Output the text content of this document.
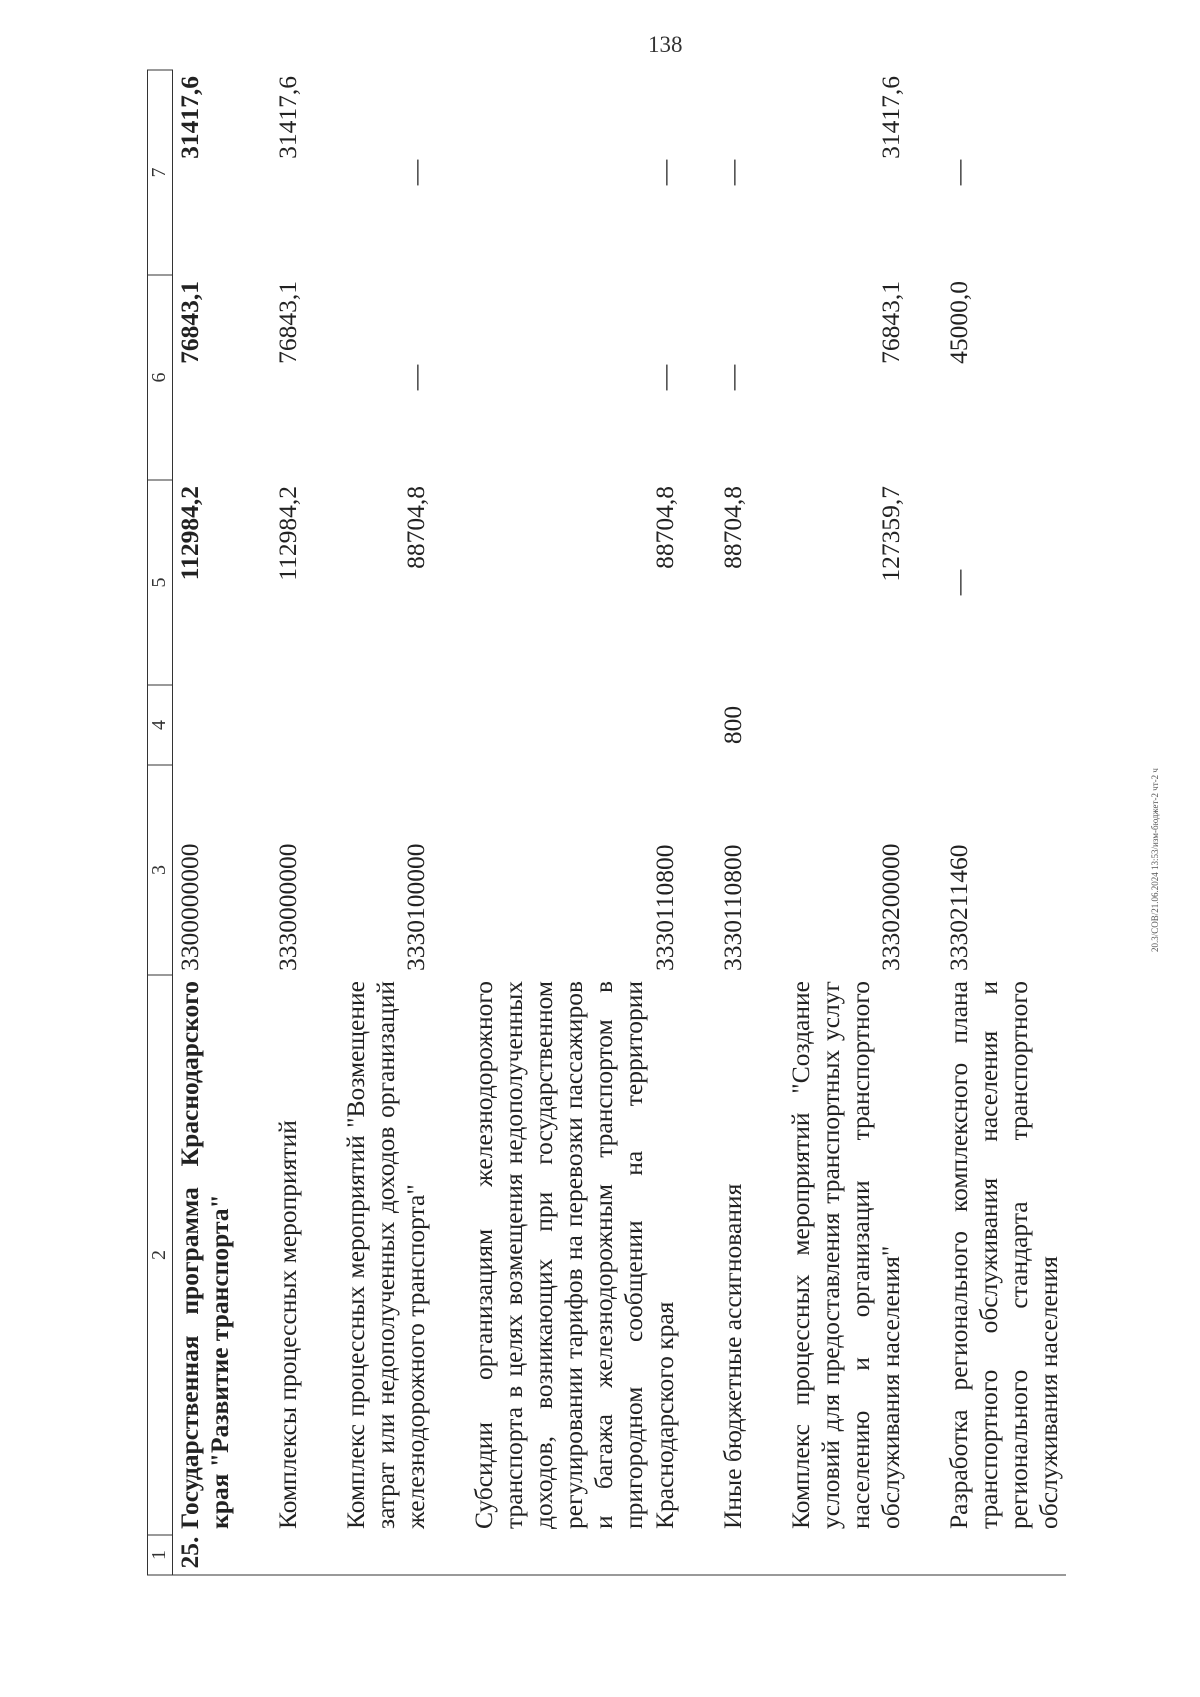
138
20.3/СОВ/21.06.2024 13:53/изм-бюджет-2 чт-2 ч
1	2	3	4	5	6	7
25.	Государственная программа Краснодарского края "Развитие транспорта"	3300000000		112984,2	76843,1	31417,6

	Комплексы процессных мероприятий	3330000000		112984,2	76843,1	31417,6

	Комплекс процессных мероприятий "Возмещение затрат или недополученных доходов организаций железнодорожного транспорта"	3330100000		88704,8	—	—

	Субсидии организациям железнодорожного транспорта в целях возмещения недополученных доходов, возникающих при государственном регулировании тарифов на перевозки пассажиров и багажа железнодорожным транспортом в пригородном сообщении на территории Краснодарского края	3330110800		88704,8	—	—

	Иные бюджетные ассигнования	3330110800	800	88704,8	—	—

	Комплекс процессных мероприятий "Создание условий для предоставления транспортных услуг населению и организации транспортного обслуживания населения"	3330200000		127359,7	76843,1	31417,6

	Разработка регионального комплексного плана транспортного обслуживания населения и регионального стандарта транспортного обслуживания населения	3330211460		—	45000,0	—
